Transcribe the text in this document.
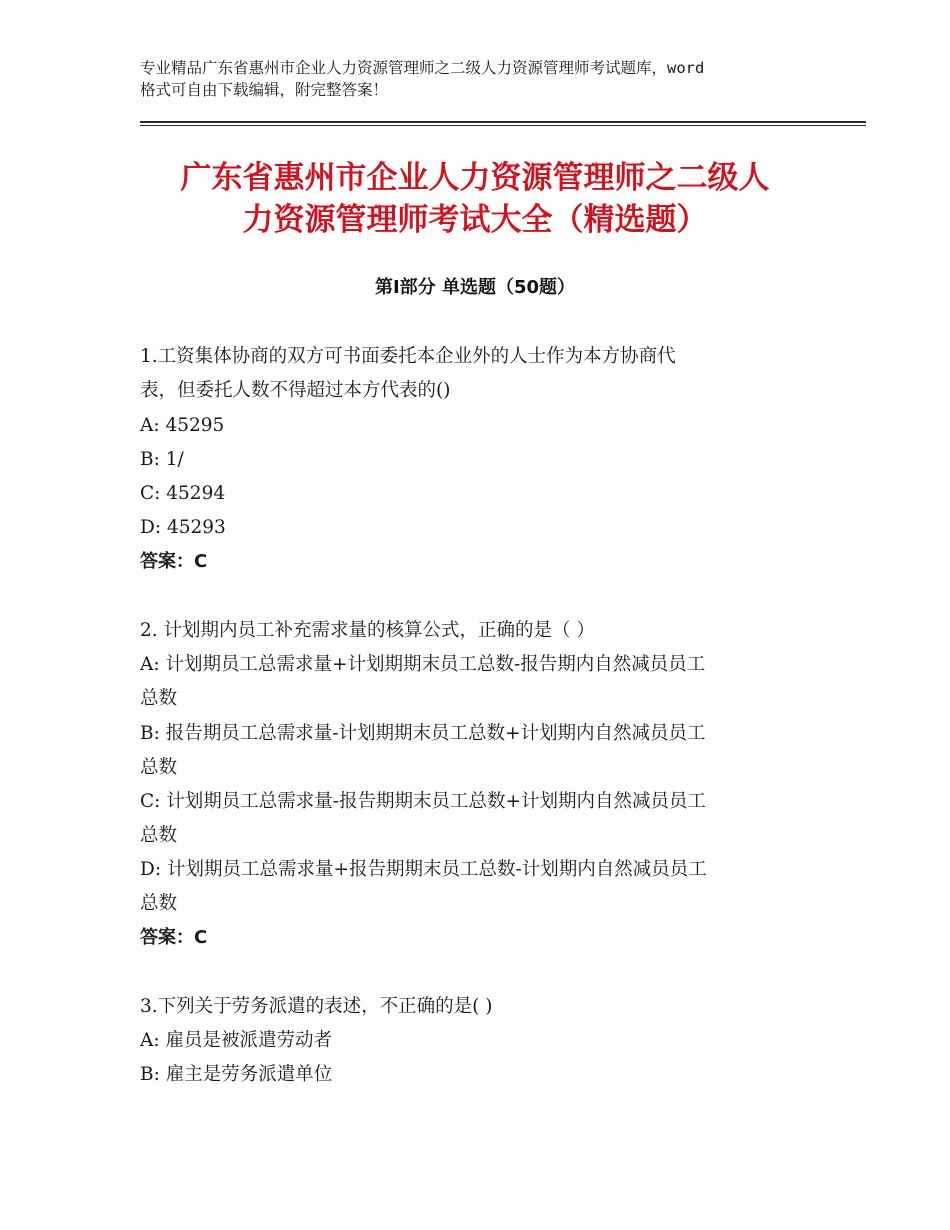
专业精品广东省惠州市企业人力资源管理师之二级人力资源管理师考试题库，word
格式可自由下载编辑，附完整答案！
广东省惠州市企业人力资源管理师之二级人
力资源管理师考试大全（精选题）
第Ⅰ部分 单选题（50题）
1.工资集体协商的双方可书面委托本企业外的人士作为本方协商代
表，但委托人数不得超过本方代表的()
A: 45295
B: 1/
C: 45294
D: 45293
答案：C
2. 计划期内员工补充需求量的核算公式，正确的是（ ）
A: 计划期员工总需求量+计划期期末员工总数-报告期内自然减员员工
总数
B: 报告期员工总需求量-计划期期末员工总数+计划期内自然减员员工
总数
C: 计划期员工总需求量-报告期期末员工总数+计划期内自然减员员工
总数
D: 计划期员工总需求量+报告期期末员工总数-计划期内自然减员员工
总数
答案：C
3.下列关于劳务派遣的表述，不正确的是( )
A: 雇员是被派遣劳动者
B: 雇主是劳务派遣单位
